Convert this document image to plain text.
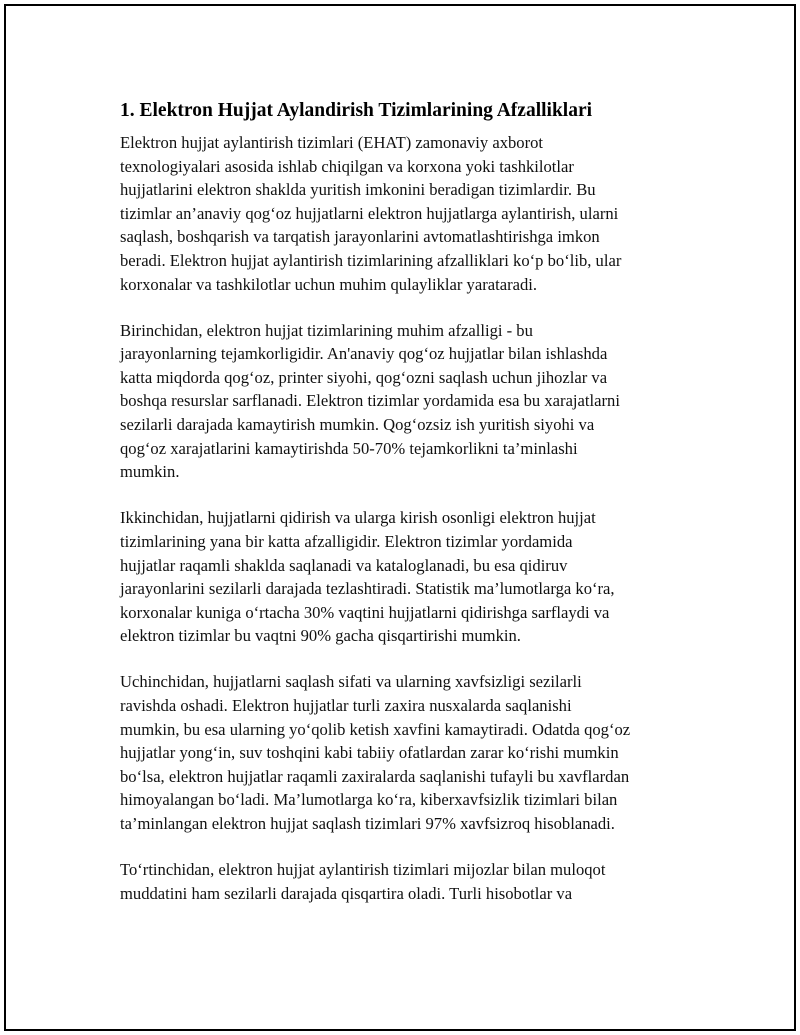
1. Elektron Hujjat Aylandirish Tizimlarining Afzalliklari

Elektron hujjat aylantirish tizimlari (EHAT) zamonaviy axborot
texnologiyalari asosida ishlab chiqilgan va korxona yoki tashkilotlar
hujjatlarini elektron shaklda yuritish imkonini beradigan tizimlardir. Bu
tizimlar an’anaviy qog‘oz hujjatlarni elektron hujjatlarga aylantirish, ularni
saqlash, boshqarish va tarqatish jarayonlarini avtomatlashtirishga imkon
beradi. Elektron hujjat aylantirish tizimlarining afzalliklari ko‘p bo‘lib, ular
korxonalar va tashkilotlar uchun muhim qulayliklar yarataradi.

Birinchidan, elektron hujjat tizimlarining muhim afzalligi - bu
jarayonlarning tejamkorligidir. An'anaviy qog‘oz hujjatlar bilan ishlashda
katta miqdorda qog‘oz, printer siyohi, qog‘ozni saqlash uchun jihozlar va
boshqa resurslar sarflanadi. Elektron tizimlar yordamida esa bu xarajatlarni
sezilarli darajada kamaytirish mumkin. Qog‘ozsiz ish yuritish siyohi va
qog‘oz xarajatlarini kamaytirishda 50-70% tejamkorlikni ta’minlashi
mumkin.

Ikkinchidan, hujjatlarni qidirish va ularga kirish osonligi elektron hujjat
tizimlarining yana bir katta afzalligidir. Elektron tizimlar yordamida
hujjatlar raqamli shaklda saqlanadi va kataloglanadi, bu esa qidiruv
jarayonlarini sezilarli darajada tezlashtiradi. Statistik ma’lumotlarga ko‘ra,
korxonalar kuniga o‘rtacha 30% vaqtini hujjatlarni qidirishga sarflaydi va
elektron tizimlar bu vaqtni 90% gacha qisqartirishi mumkin.

Uchinchidan, hujjatlarni saqlash sifati va ularning xavfsizligi sezilarli
ravishda oshadi. Elektron hujjatlar turli zaxira nusxalarda saqlanishi
mumkin, bu esa ularning yo‘qolib ketish xavfini kamaytiradi. Odatda qog‘oz
hujjatlar yong‘in, suv toshqini kabi tabiiy ofatlardan zarar ko‘rishi mumkin
bo‘lsa, elektron hujjatlar raqamli zaxiralarda saqlanishi tufayli bu xavflardan
himoyalangan bo‘ladi. Ma’lumotlarga ko‘ra, kiberxavfsizlik tizimlari bilan
ta’minlangan elektron hujjat saqlash tizimlari 97% xavfsizroq hisoblanadi.

To‘rtinchidan, elektron hujjat aylantirish tizimlari mijozlar bilan muloqot
muddatini ham sezilarli darajada qisqartira oladi. Turli hisobotlar va
